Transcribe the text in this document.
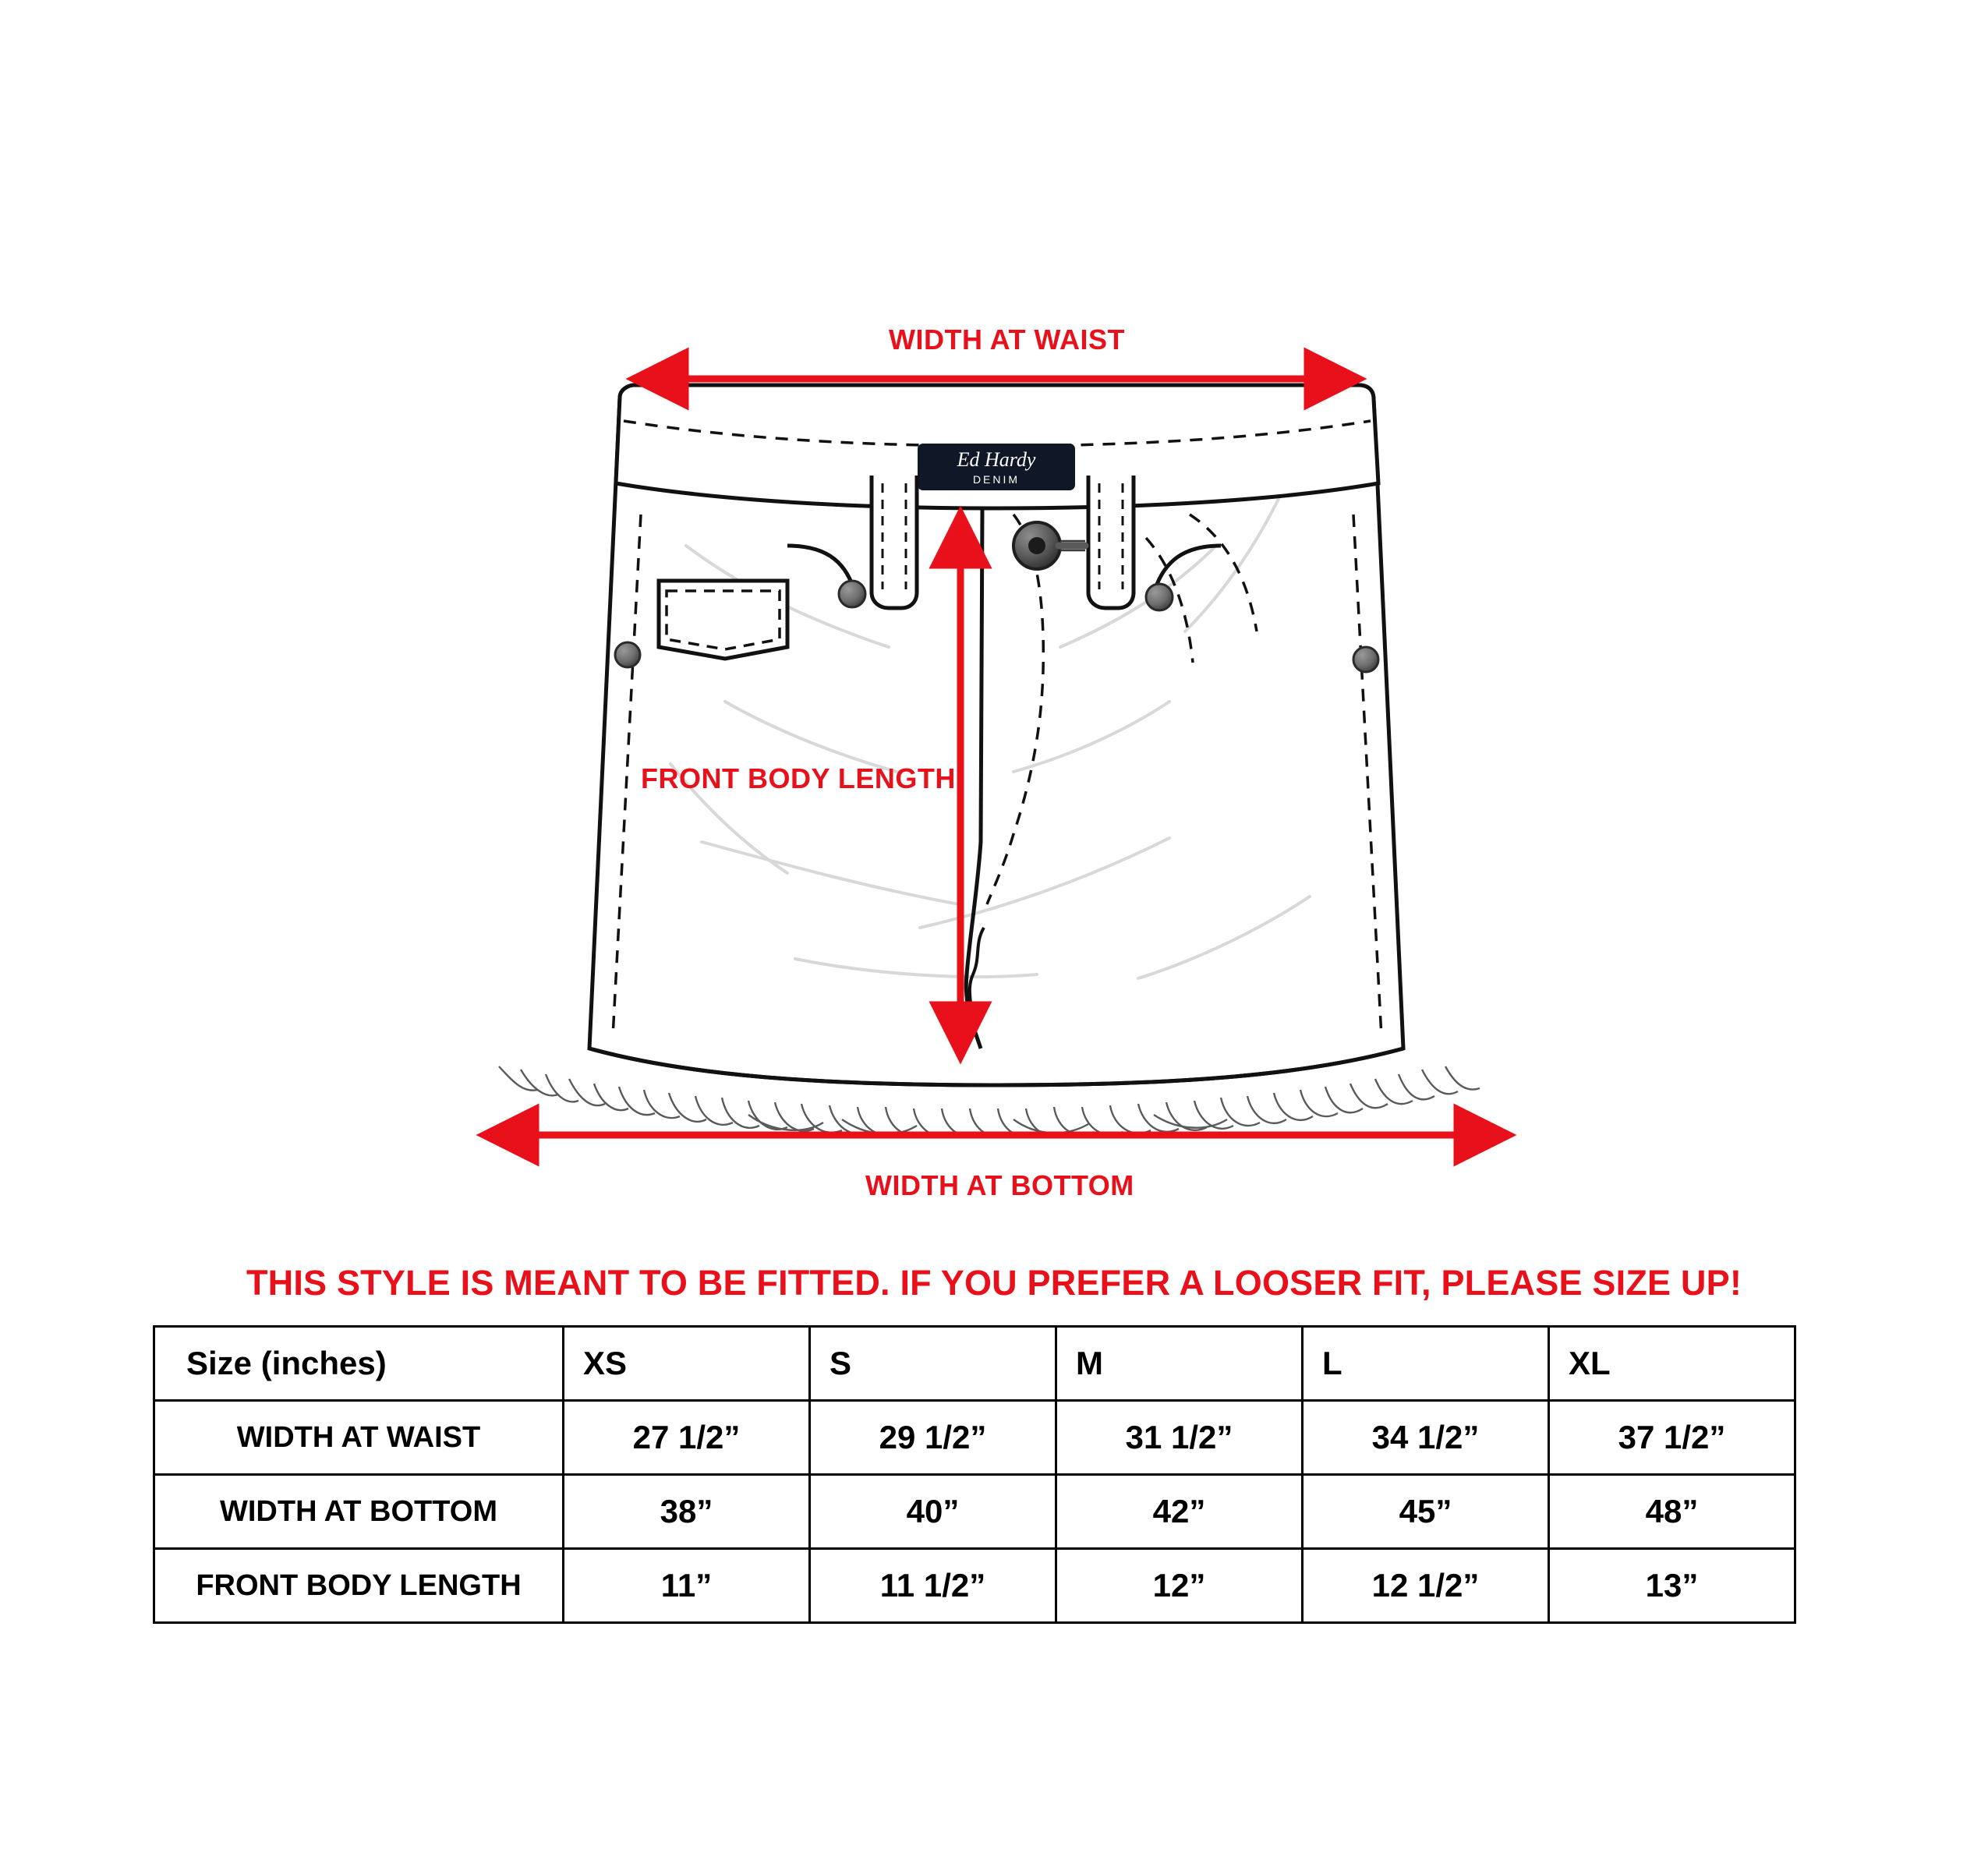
Ed Hardy
DENIM
WIDTH AT WAIST
FRONT BODY LENGTH
WIDTH AT BOTTOM
THIS STYLE IS MEANT TO BE FITTED. IF YOU PREFER A LOOSER FIT, PLEASE SIZE UP!
Size (inches)	XS	S	M	L	XL
WIDTH AT WAIST	27 1/2”	29 1/2”	31 1/2”	34 1/2”	37 1/2”
WIDTH AT BOTTOM	38”	40”	42”	45”	48”
FRONT BODY LENGTH	11”	11 1/2”	12”	12 1/2”	13”
